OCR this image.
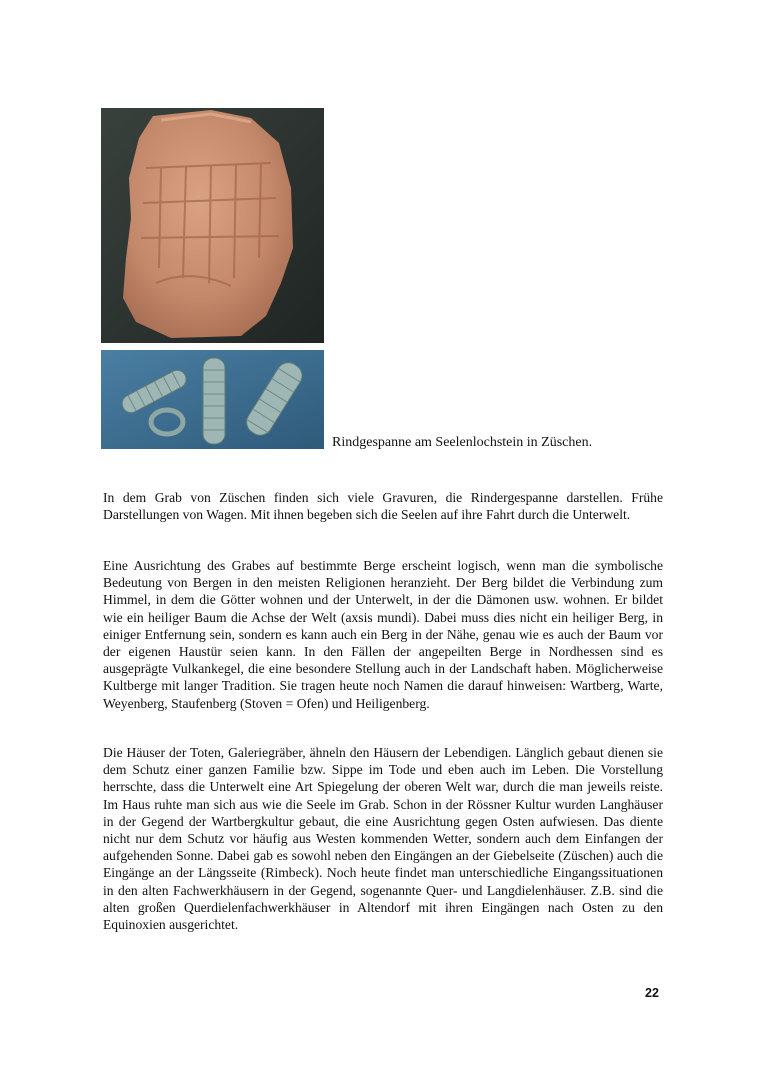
Rindgespanne am Seelenlochstein in Züschen.

In dem Grab von Züschen finden sich viele Gravuren, die Rindergespanne darstellen. Frühe Darstellungen von Wagen. Mit ihnen begeben sich die Seelen auf ihre Fahrt durch die Unterwelt.

Eine Ausrichtung des Grabes auf bestimmte Berge erscheint logisch, wenn man die symbolische Bedeutung von Bergen in den meisten Religionen heranzieht. Der Berg bildet die Verbindung zum Himmel, in dem die Götter wohnen und der Unterwelt, in der die Dämonen usw. wohnen. Er bildet wie ein heiliger Baum die Achse der Welt (axsis mundi). Dabei muss dies nicht ein heiliger Berg, in einiger Entfernung sein, sondern es kann auch ein Berg in der Nähe, genau wie es auch der Baum vor der eigenen Haustür seien kann. In den Fällen der angepeilten Berge in Nordhessen sind es ausgeprägte Vulkankegel, die eine besondere Stellung auch in der Landschaft haben. Möglicherweise Kultberge mit langer Tradition. Sie tragen heute noch Namen die darauf hinweisen: Wartberg, Warte, Weyenberg, Staufenberg (Stoven = Ofen) und Heiligenberg.

Die Häuser der Toten, Galeriegräber, ähneln den Häusern der Lebendigen. Länglich gebaut dienen sie dem Schutz einer ganzen Familie bzw. Sippe im Tode und eben auch im Leben. Die Vorstellung herrschte, dass die Unterwelt eine Art Spiegelung der oberen Welt war, durch die man jeweils reiste. Im Haus ruhte man sich aus wie die Seele im Grab. Schon in der Rössner Kultur wurden Langhäuser in der Gegend der Wartbergkultur gebaut, die eine Ausrichtung gegen Osten aufwiesen. Das diente nicht nur dem Schutz vor häufig aus Westen kommenden Wetter, sondern auch dem Einfangen der aufgehenden Sonne. Dabei gab es sowohl neben den Eingängen an der Giebelseite (Züschen) auch die Eingänge an der Längsseite (Rimbeck). Noch heute findet man unterschiedliche Eingangssituationen in den alten Fachwerkhäusern in der Gegend, sogenannte Quer- und Langdielenhäuser. Z.B. sind die alten großen Querdielenfachwerkhäuser in Altendorf mit ihren Eingängen nach Osten zu den Equinoxien ausgerichtet.

22
